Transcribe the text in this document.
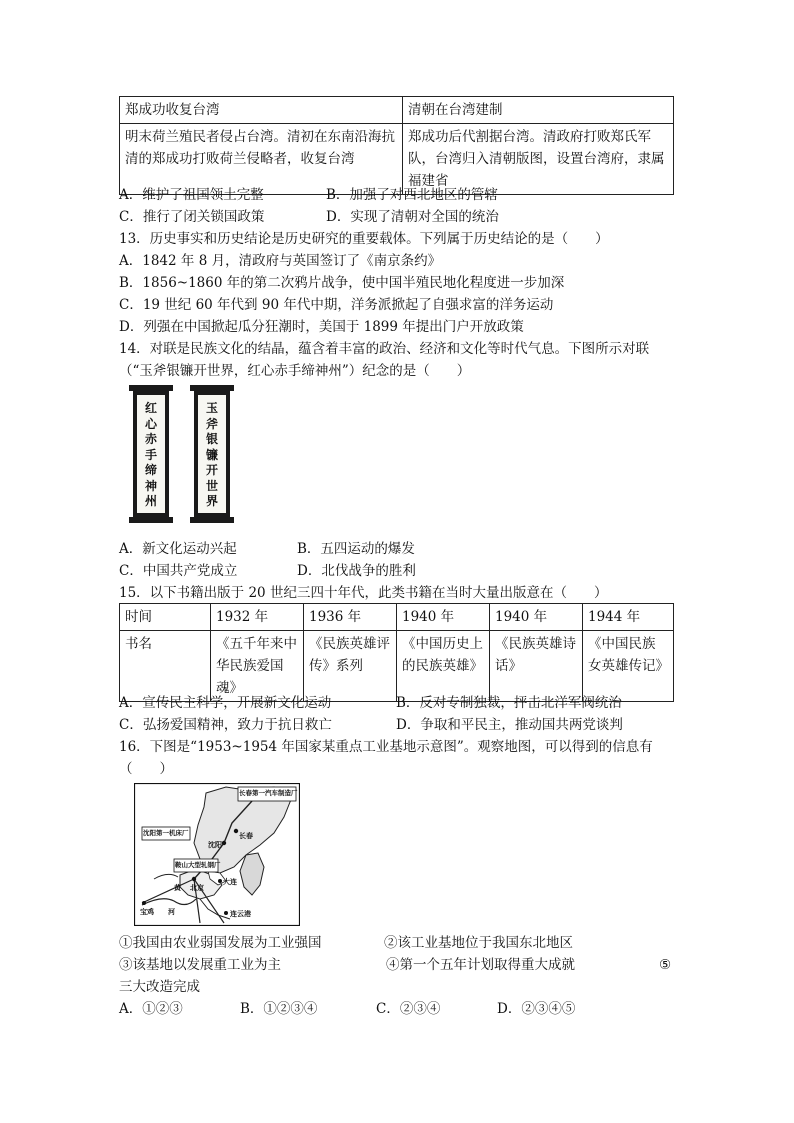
郑成功收复台湾	清朝在台湾建制
明末荷兰殖民者侵占台湾。清初在东南沿海抗清的郑成功打败荷兰侵略者，收复台湾	郑成功后代割据台湾。清政府打败郑氏军队，台湾归入清朝版图，设置台湾府，隶属福建省
A．维护了祖国领土完整	B．加强了对西北地区的管辖
C．推行了闭关锁国政策	D．实现了清朝对全国的统治
13．历史事实和历史结论是历史研究的重要载体。下列属于历史结论的是（　　）
A．1842 年 8 月，清政府与英国签订了《南京条约》
B．1856~1860 年的第二次鸦片战争，使中国半殖民地化程度进一步加深
C．19 世纪 60 年代到 90 年代中期，洋务派掀起了自强求富的洋务运动
D．列强在中国掀起瓜分狂潮时，美国于 1899 年提出门户开放政策
14．对联是民族文化的结晶，蕴含着丰富的政治、经济和文化等时代气息。下图所示对联
（“玉斧银镰开世界，红心赤手缔神州”）纪念的是（　　）
红心赤手缔神州
玉斧银镰开世界
A．新文化运动兴起	B．五四运动的爆发
C．中国共产党成立	D．北伐战争的胜利
15．以下书籍出版于 20 世纪三四十年代，此类书籍在当时大量出版意在（　　）
时间	1932 年	1936 年	1940 年	1940 年	1944 年
书名	《五千年来中华民族爱国魂》	《民族英雄评传》系列	《中国历史上的民族英雄》	《民族英雄诗话》	《中国民族女英雄传记》
A．宣传民主科学，开展新文化运动	B．反对专制独裁，抨击北洋军阀统治
C．弘扬爱国精神，致力于抗日救亡	D．争取和平民主，推动国共两党谈判
16．下图是“1953~1954 年国家某重点工业基地示意图”。观察地图，可以得到的信息有
（　　）
长春第一汽车制造厂
沈阳第一机床厂
鞍山大型轧钢厂
沈阳
长春
北京
大连
宝鸡	连云港
河
黄
①我国由农业弱国发展为工业强国	②该工业基地位于我国东北地区
③该基地以发展重工业为主	④第一个五年计划取得重大成就	⑤
三大改造完成
A．①②③	B．①②③④	C．②③④	D．②③④⑤
